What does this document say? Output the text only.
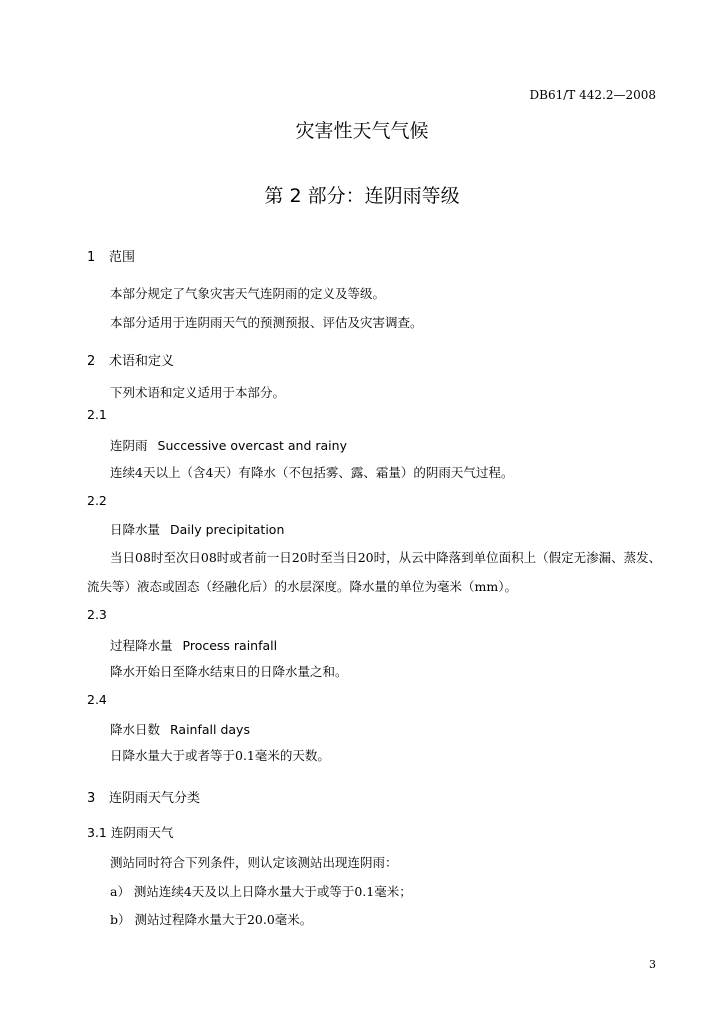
DB61/T 442.2—2008
灾害性天气气候
第 2 部分：连阴雨等级
1 范围
本部分规定了气象灾害天气连阴雨的定义及等级。
本部分适用于连阴雨天气的预测预报、评估及灾害调查。
2 术语和定义
下列术语和定义适用于本部分。
2.1
连阴雨 Successive overcast and rainy
连续4天以上（含4天）有降水（不包括雾、露、霜量）的阴雨天气过程。
2.2
日降水量 Daily precipitation
当日08时至次日08时或者前一日20时至当日20时，从云中降落到单位面积上（假定无渗漏、蒸发、
流失等）液态或固态（经融化后）的水层深度。降水量的单位为毫米（mm）。
2.3
过程降水量 Process rainfall
降水开始日至降水结束日的日降水量之和。
2.4
降水日数 Rainfall days
日降水量大于或者等于0.1毫米的天数。
3 连阴雨天气分类
3.1 连阴雨天气
测站同时符合下列条件，则认定该测站出现连阴雨：
a） 测站连续4天及以上日降水量大于或等于0.1毫米；
b） 测站过程降水量大于20.0毫米。
3
